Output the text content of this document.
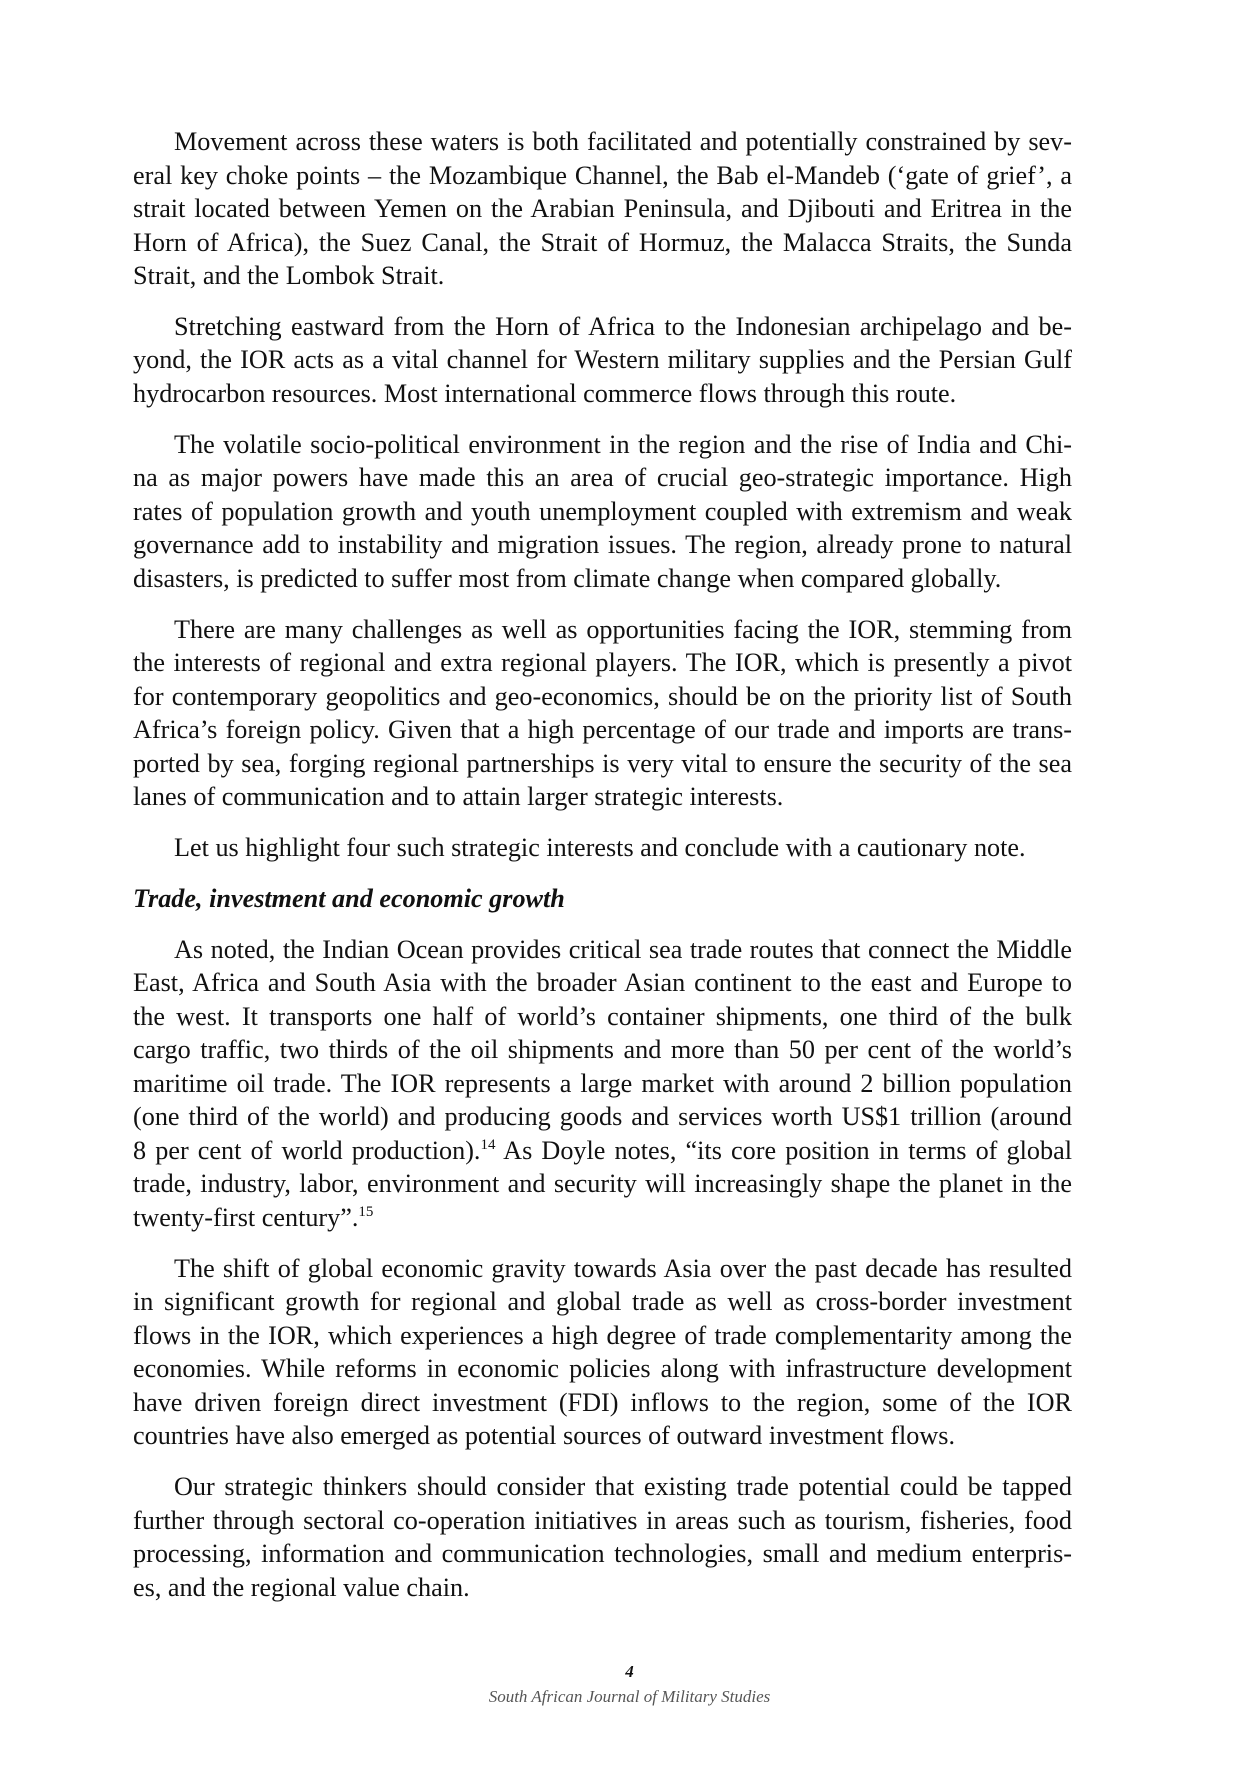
Movement across these waters is both facilitated and potentially constrained by sev-
eral key choke points – the Mozambique Channel, the Bab el-Mandeb (‘gate of grief’, a
strait located between Yemen on the Arabian Peninsula, and Djibouti and Eritrea in the
Horn of Africa), the Suez Canal, the Strait of Hormuz, the Malacca Straits, the Sunda
Strait, and the Lombok Strait.
Stretching eastward from the Horn of Africa to the Indonesian archipelago and be-
yond, the IOR acts as a vital channel for Western military supplies and the Persian Gulf
hydrocarbon resources. Most international commerce flows through this route.
The volatile socio-political environment in the region and the rise of India and Chi-
na as major powers have made this an area of crucial geo-strategic importance. High
rates of population growth and youth unemployment coupled with extremism and weak
governance add to instability and migration issues. The region, already prone to natural
disasters, is predicted to suffer most from climate change when compared globally.
There are many challenges as well as opportunities facing the IOR, stemming from
the interests of regional and extra regional players. The IOR, which is presently a pivot
for contemporary geopolitics and geo-economics, should be on the priority list of South
Africa’s foreign policy. Given that a high percentage of our trade and imports are trans-
ported by sea, forging regional partnerships is very vital to ensure the security of the sea
lanes of communication and to attain larger strategic interests.
Let us highlight four such strategic interests and conclude with a cautionary note.
Trade, investment and economic growth
As noted, the Indian Ocean provides critical sea trade routes that connect the Middle
East, Africa and South Asia with the broader Asian continent to the east and Europe to
the west. It transports one half of world’s container shipments, one third of the bulk
cargo traffic, two thirds of the oil shipments and more than 50 per cent of the world’s
maritime oil trade. The IOR represents a large market with around 2 billion population
(one third of the world) and producing goods and services worth US$1 trillion (around
8 per cent of world production).$^{14}$ As Doyle notes, “its core position in terms of global
trade, industry, labor, environment and security will increasingly shape the planet in the
twenty-first century”.$^{15}$
The shift of global economic gravity towards Asia over the past decade has resulted
in significant growth for regional and global trade as well as cross-border investment
flows in the IOR, which experiences a high degree of trade complementarity among the
economies. While reforms in economic policies along with infrastructure development
have driven foreign direct investment (FDI) inflows to the region, some of the IOR
countries have also emerged as potential sources of outward investment flows.
Our strategic thinkers should consider that existing trade potential could be tapped
further through sectoral co-operation initiatives in areas such as tourism, fisheries, food
processing, information and communication technologies, small and medium enterpris-
es, and the regional value chain.
4
South African Journal of Military Studies
